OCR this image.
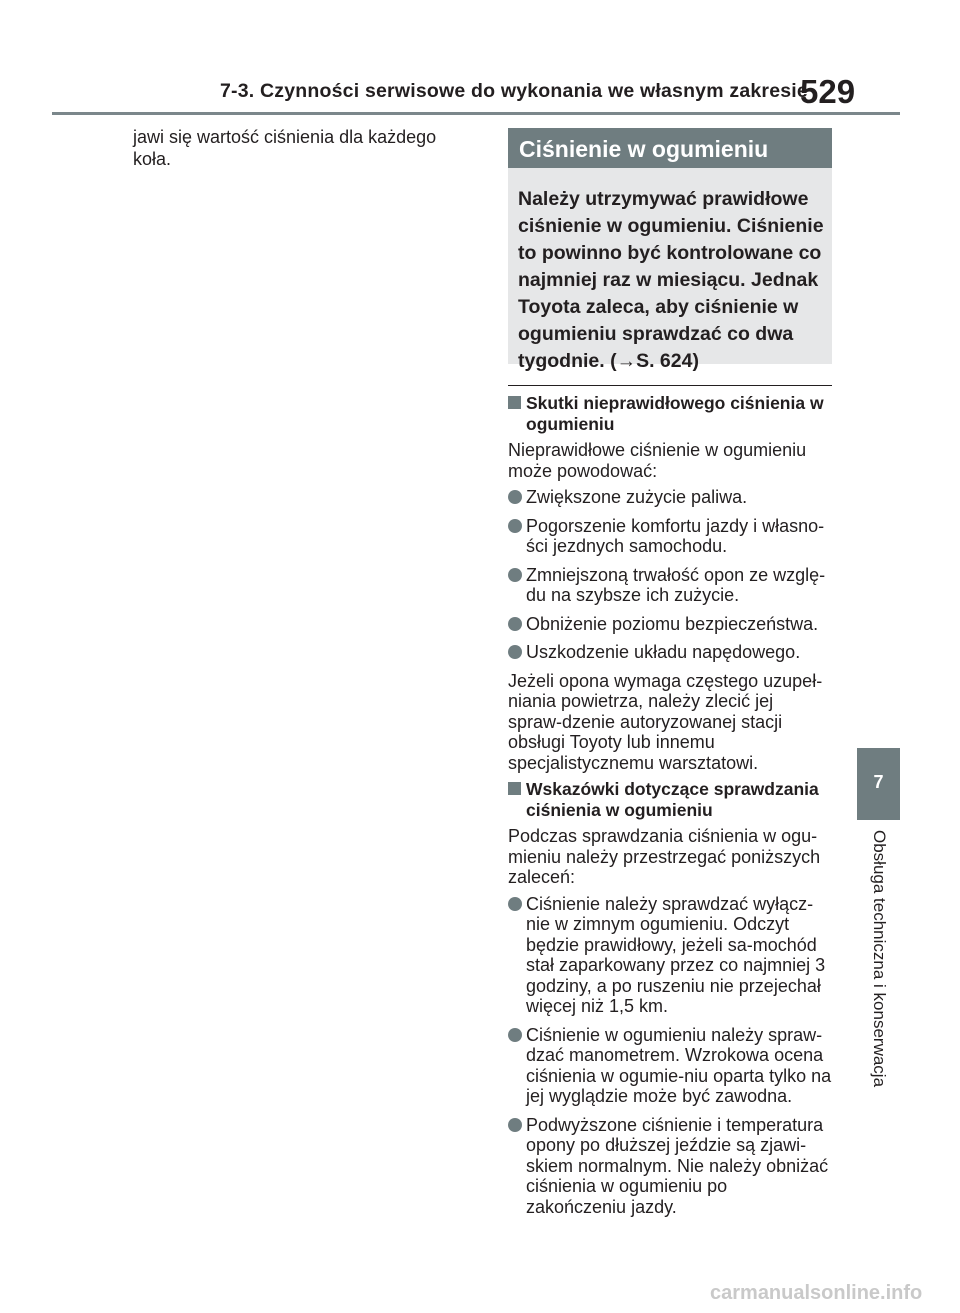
7-3. Czynności serwisowe do wykonania we własnym zakresie
529
jawi się wartość ciśnienia dla każdego koła.	Ciśnienie w ogumieniu
Należy utrzymywać prawidłowe ciśnienie w ogumieniu. Ciśnienie to powinno być kontrolowane co najmniej raz w miesiącu. Jednak Toyota zaleca, aby ciśnienie w ogumieniu sprawdzać co dwa tygodnie. (→S. 624)
Skutki nieprawidłowego ciśnienia w ogumieniu
Nieprawidłowe ciśnienie w ogumieniu może powodować:
Zwiększone zużycie paliwa.
Pogorszenie komfortu jazdy i własno-ści jezdnych samochodu.
Zmniejszoną trwałość opon ze wzglę-du na szybsze ich zużycie.
Obniżenie poziomu bezpieczeństwa.
Uszkodzenie układu napędowego.
Jeżeli opona wymaga częstego uzupeł-niania powietrza, należy zlecić jej spraw-dzenie autoryzowanej stacji obsługi Toyoty lub innemu specjalistycznemu warsztatowi.
Wskazówki dotyczące sprawdzania ciśnienia w ogumieniu
Podczas sprawdzania ciśnienia w ogu-mieniu należy przestrzegać poniższych zaleceń:
Ciśnienie należy sprawdzać wyłącz-nie w zimnym ogumieniu. Odczyt będzie prawidłowy, jeżeli sa-mochód stał zaparkowany przez co najmniej 3 godziny, a po ruszeniu nie przejechał więcej niż 1,5 km.
Ciśnienie w ogumieniu należy spraw-dzać manometrem. Wzrokowa ocena ciśnienia w ogumie-niu oparta tylko na jej wyglądzie może być zawodna.
Podwyższone ciśnienie i temperatura opony po dłuższej jeździe są zjawi-skiem normalnym. Nie należy obniżać ciśnienia w ogumieniu po zakończeniu jazdy.
7
Obsługa techniczna i konserwacja
carmanualsonline.info
